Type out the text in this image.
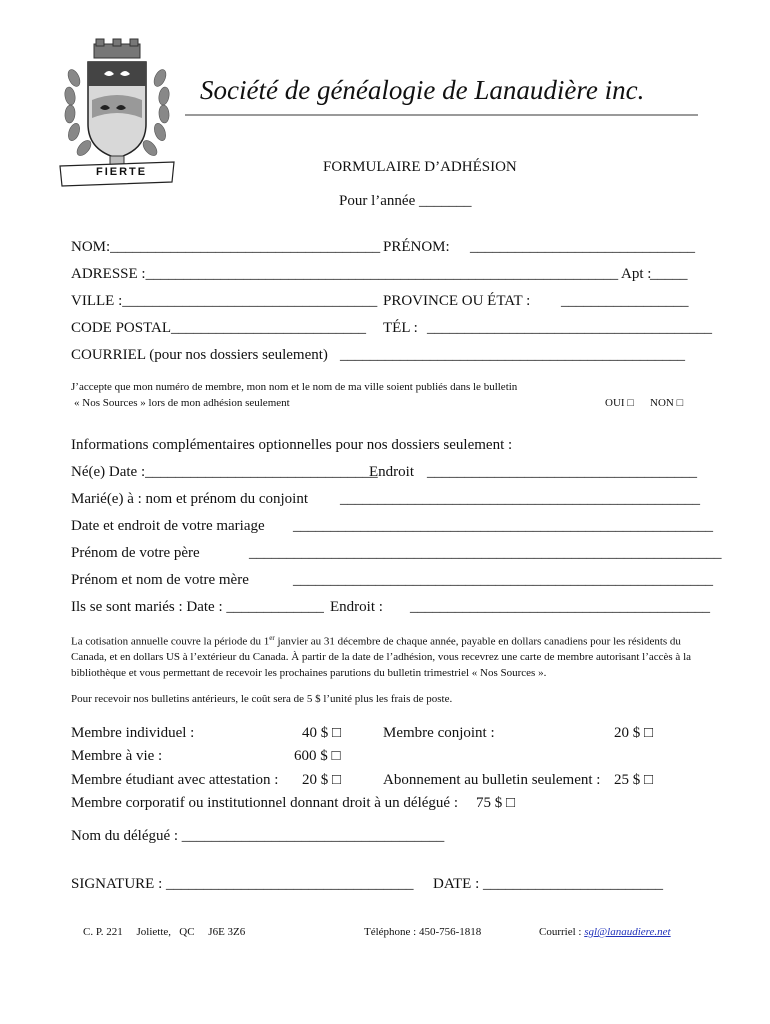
FIERTE
Société de généalogie de Lanaudière inc.
FORMULAIRE D’ADHÉSION
Pour l’année _______
NOM:____________________________________ PRÉNOM: ______________________________
ADRESSE :_______________________________________________________________ Apt :
_____
VILLE :__________________________________ PROVINCE OU ÉTAT : _________________
CODE POSTAL__________________________ TÉL : ______________________________________
COURRIEL (pour nos dossiers seulement) ______________________________________________
J’accepte que mon numéro de membre, mon nom et le nom de ma ville soient publiés dans le bulletin
« Nos Sources » lors de mon adhésion seulement	OUI □ NON □
Informations complémentaires optionnelles pour nos dossiers seulement :
Né(e) Date :_______________________________
Endroit ____________________________________
Marié(e) à : nom et prénom du conjoint ________________________________________________
Date et endroit de votre mariage ________________________________________________________
Prénom de votre père	_______________________________________________________________
Prénom et nom de votre mère	________________________________________________________
Ils se sont mariés : Date : _____________ Endroit : ________________________________________
La cotisation annuelle couvre la période du 1er janvier au 31 décembre de chaque année, payable en dollars canadiens pour les résidents du Canada, et en dollars US à l’extérieur du Canada. À partir de la date de l’adhésion, vous recevrez une carte de membre autorisant l’accès à la bibliothèque et vous permettant de recevoir les prochaines parutions du bulletin trimestriel « Nos Sources ».
Pour recevoir nos bulletins antérieurs, le coût sera de 5 $ l’unité plus les frais de poste.
Membre individuel :	40 $ □	Membre conjoint :	20 $ □
Membre à vie :	600 $ □
Membre étudiant avec attestation : 20 $ □	Abonnement au bulletin seulement : 25 $ □
Membre corporatif ou institutionnel donnant droit à un délégué : 75 $ □
Nom du délégué : ___________________________________
SIGNATURE : _________________________________ DATE : ________________________
C. P. 221     Joliette,   QC     J6E 3Z6	Téléphone : 450-756-1818	Courriel : sgl@lanaudiere.net
